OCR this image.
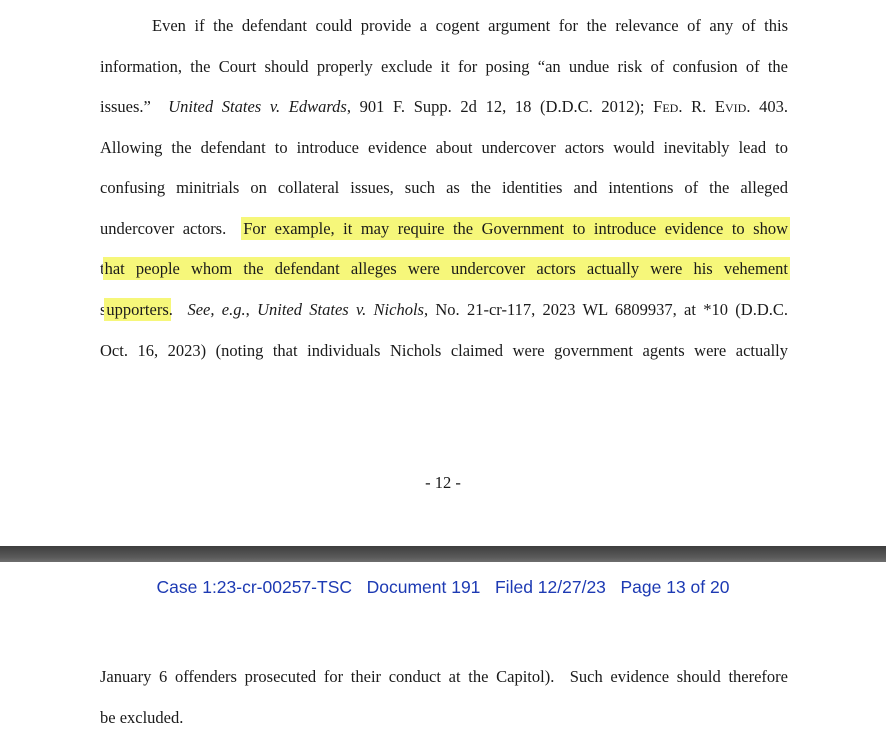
Even if the defendant could provide a cogent argument for the relevance of any of this
information, the Court should properly exclude it for posing “an undue risk of confusion of the
issues.”  United States v. Edwards, 901 F. Supp. 2d 12, 18 (D.D.C. 2012); Fed. R. Evid. 403.
Allowing the defendant to introduce evidence about undercover actors would inevitably lead to
confusing minitrials on collateral issues, such as the identities and intentions of the alleged
undercover actors.  For example, it may require the Government to introduce evidence to show
that people whom the defendant alleges were undercover actors actually were his vehement
supporters.  See, e.g., United States v. Nichols, No. 21-cr-117, 2023 WL 6809937, at *10 (D.D.C.
Oct. 16, 2023) (noting that individuals Nichols claimed were government agents were actually
- 12 -
Case 1:23-cr-00257-TSC   Document 191   Filed 12/27/23   Page 13 of 20
January 6 offenders prosecuted for their conduct at the Capitol).  Such evidence should therefore
be excluded.
